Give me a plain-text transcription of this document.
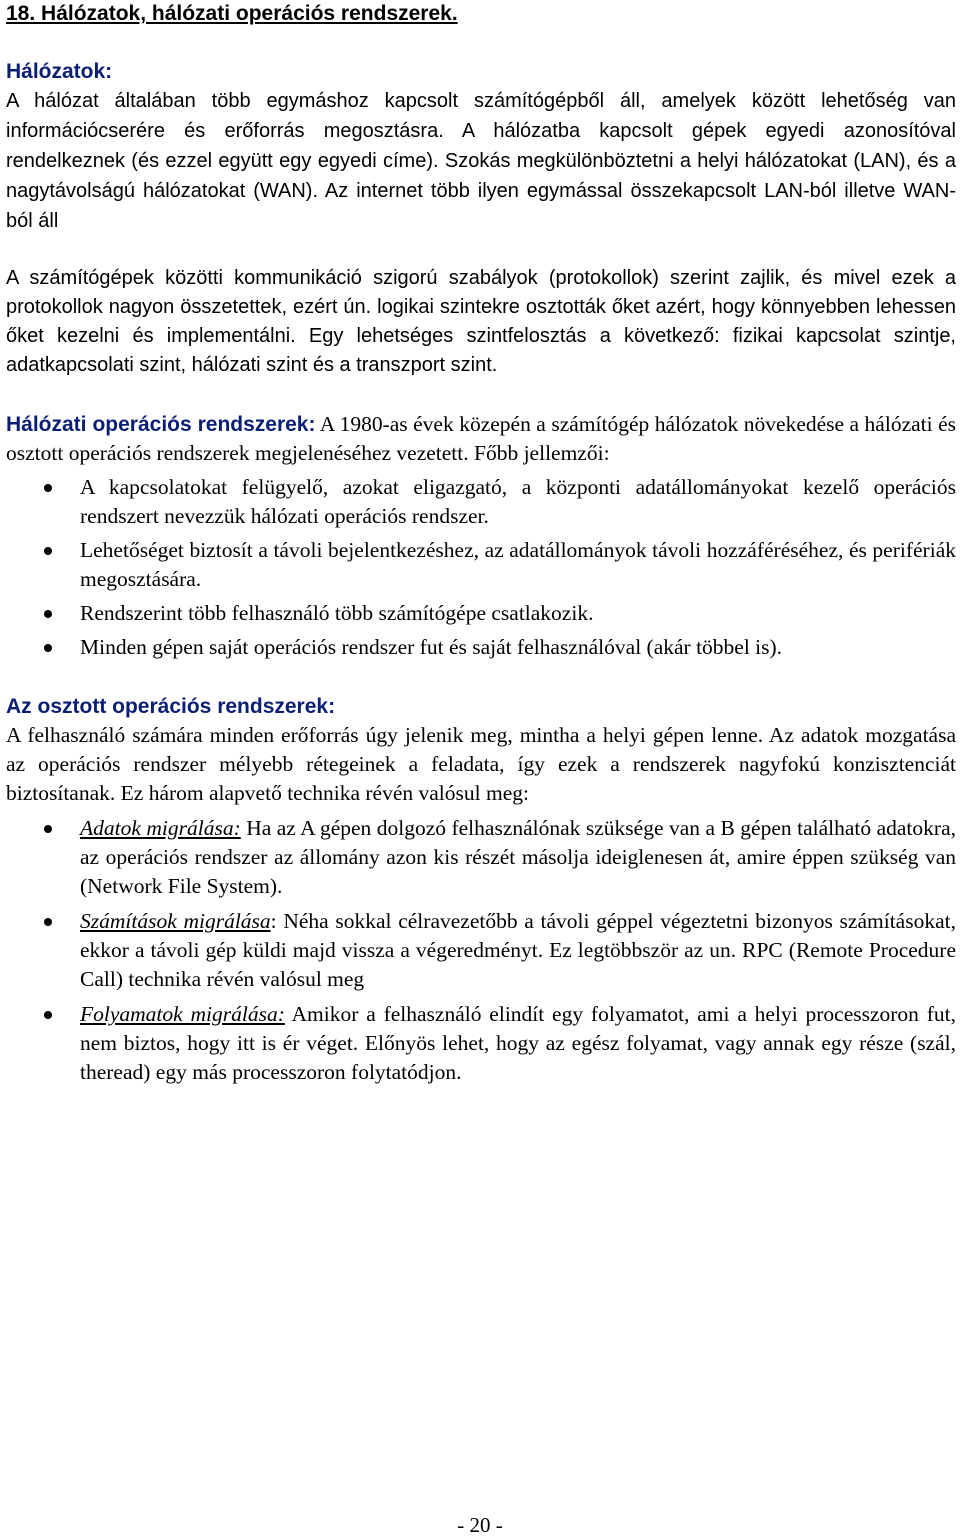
18. Hálózatok, hálózati operációs rendszerek.
Hálózatok:

A hálózat általában több egymáshoz kapcsolt számítógépből áll, amelyek között lehetőség van információcserére és erőforrás megosztásra. A hálózatba kapcsolt gépek egyedi azonosítóval rendelkeznek (és ezzel együtt egy egyedi címe). Szokás megkülönböztetni a helyi hálózatokat (LAN), és a nagytávolságú hálózatokat (WAN). Az internet több ilyen egymással összekapcsolt LAN-ból illetve WAN-ból áll

A számítógépek közötti kommunikáció szigorú szabályok (protokollok) szerint zajlik, és mivel ezek a protokollok nagyon összetettek, ezért ún. logikai szintekre osztották őket azért, hogy könnyebben lehessen őket kezelni és implementálni. Egy lehetséges szintfelosztás a következő: fizikai kapcsolat szintje, adatkapcsolati szint, hálózati szint és a transzport szint.

Hálózati operációs rendszerek: A 1980-as évek közepén a számítógép hálózatok növekedése a hálózati és osztott operációs rendszerek megjelenéséhez vezetett. Főbb jellemzői:

A kapcsolatokat felügyelő, azokat eligazgató, a központi adatállományokat kezelő operációs rendszert nevezzük hálózati operációs rendszer.
Lehetőséget biztosít a távoli bejelentkezéshez, az adatállományok távoli hozzáféréséhez, és perifériák megosztására.
Rendszerint több felhasználó több számítógépe csatlakozik.
Minden gépen saját operációs rendszer fut és saját felhasználóval (akár többel is).
Az osztott operációs rendszerek:

A felhasználó számára minden erőforrás úgy jelenik meg, mintha a helyi gépen lenne. Az adatok mozgatása az operációs rendszer mélyebb rétegeinek a feladata, így ezek a rendszerek nagyfokú konzisztenciát biztosítanak. Ez három alapvető technika révén valósul meg:

Adatok migrálása: Ha az A gépen dolgozó felhasználónak szüksége van a B gépen található adatokra, az operációs rendszer az állomány azon kis részét másolja ideiglenesen át, amire éppen szükség van (Network File System).
Számítások migrálása: Néha sokkal célravezetőbb a távoli géppel végeztetni bizonyos számításokat, ekkor a távoli gép küldi majd vissza a végeredményt. Ez legtöbbször az un. RPC (Remote Procedure Call) technika révén valósul meg
Folyamatok migrálása: Amikor a felhasználó elindít egy folyamatot, ami a helyi processzoron fut, nem biztos, hogy itt is ér véget. Előnyös lehet, hogy az egész folyamat, vagy annak egy része (szál, theread) egy más processzoron folytatódjon.
- 20 -
